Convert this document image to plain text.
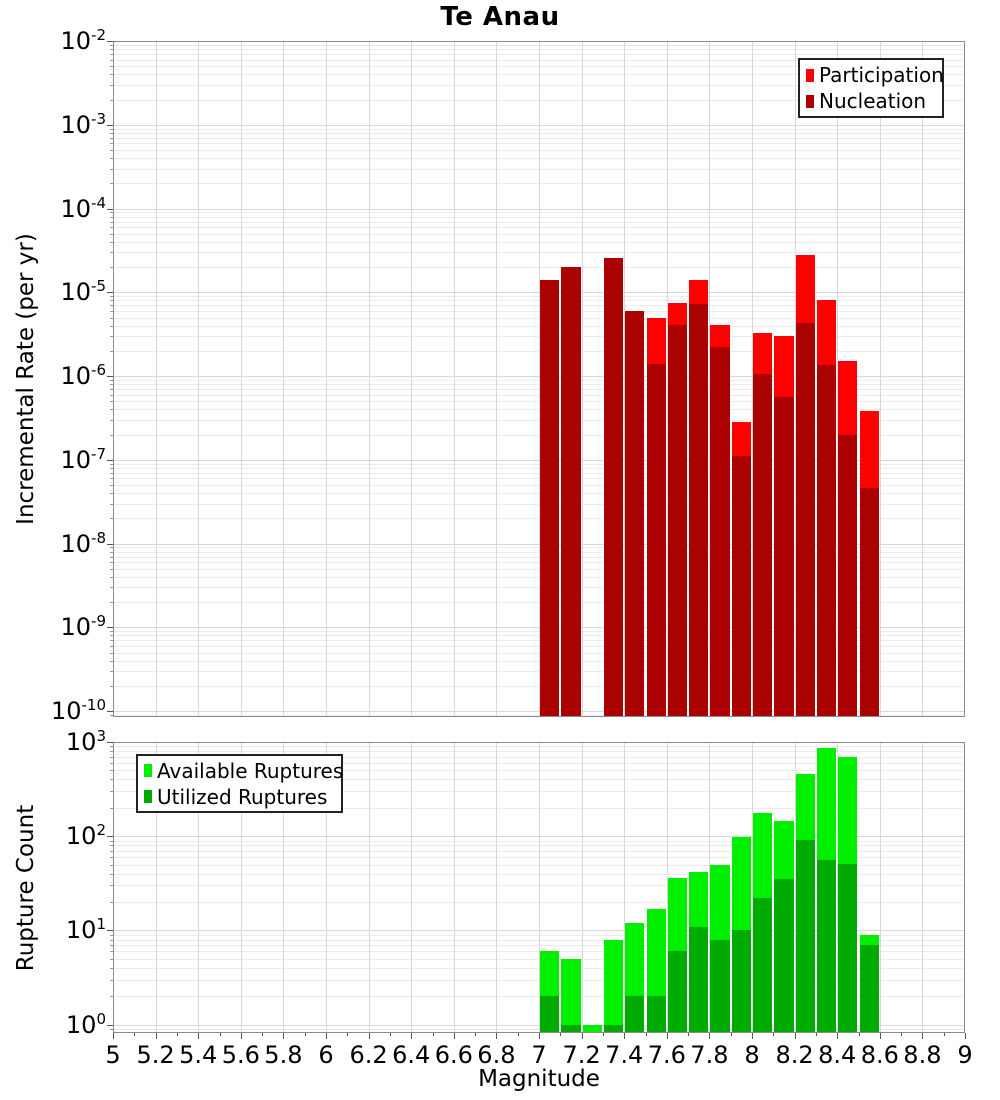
$10^{-2}$
$10^{-3}$
$10^{-4}$
$10^{-5}$
$10^{-6}$
$10^{-7}$
$10^{-8}$
$10^{-9}$
$10^{-10}$
$10^3$
$10^2$
$10^1$
$10^0$
5 5.2 5.4 5.6 5.8 6 6.2 6.4 6.6 6.8 7 7.2 7.4 7.6 7.8 8 8.2 8.4 8.6 8.8 9
Te Anau
Incremental Rate (per yr)
Rupture Count
Magnitude
Participation
Nucleation
Available Ruptures
Utilized Ruptures
